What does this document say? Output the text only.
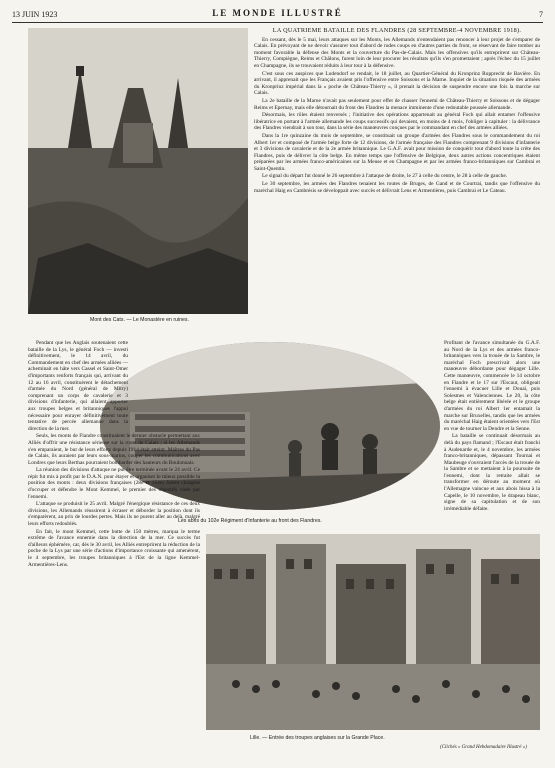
13 JUIN 1923	LE MONDE ILLUSTRÉ	7
Mont des Cats. — Le Monastère en ruines.
LA QUATRIÈME BATAILLE DES FLANDRES (28 SEPTEMBRE-4 NOVEMBRE 1918).

En cessant, dès le 5 mai, leurs attaques sur les Monts, les Allemands n'entendaient pas renoncer à leur projet de s'emparer de Calais. En prévoyant de ne devoir s'assurer tout d'abord de rudes coups en d'autres parties du front, se réservant de faire tomber au moment favorable la défense des Monts et la couverture du Pas-de-Calais. Mais les offensives qu'ils entreprirent sur Château-Thierry, Compiègne, Reims et Châlons, furent loin de leur procurer les résultats qu'ils s'en promettaient ; après l'échec du 15 juillet en Champagne, ils se trouvaient réduits à leur tour à la défensive.

C'est sous ces auspices que Ludendorf se rendait, le 18 juillet, au Quartier-Général du Kronprinz Rupprecht de Bavière. En arrivant, il apprenait que les Français avaient pris l'offensive entre Soissons et la Marne. Inquiet de la situation risquée des armées du Kronprinz impérial dans la « poche de Château-Thierry », il prenait la décision de suspendre encore une fois la marche sur Calais.

La 2e bataille de la Marne n'avait pas seulement pour effet de chasser l'ennemi de Château-Thierry et Soissons et de dégager Reims et Epernay, mais elle détournait du front des Flandres la menace imminente d'une redoutable poussée allemande.

Désormais, les rôles étaient renversés ; l'initiative des opérations appartenait au général Foch qui allait entamer l'offensive libératrice en portant à l'armée allemande les coups successifs qui devaient, en moins de 4 mois, l'obliger à capituler : la délivrance des Flandres viendrait à son tour, dans la série des manœuvres conçues par le commandant en chef des armées alliées.

Dans la 1re quinzaine du mois de septembre, se constituait un groupe d'armées des Flandres sous le commandement du roi Albert 1er et composé de l'armée belge forte de 12 divisions, de l'armée française des Flandres comprenant 9 divisions d'infanterie et 3 divisions de cavalerie et de la 2e armée britannique. Le G.A.F. avait pour mission de conquérir tout d'abord toute la crête des Flandres, puis de délivrer la côte belge. En même temps que l'offensive de Belgique, deux autres actions concentriques étaient préparées par les armées franco-américaines sur la Meuse et en Champagne et par les armées franco-britanniques sur Cambrai et Saint-Quentin.

Le signal du départ fut donné le 26 septembre à l'attaque de droite, le 27 à celle du centre, le 28 à celle de gauche.

Le 30 septembre, les armées des Flandres tenaient les routes de Bruges, de Gand et de Courtrai, tandis que l'offensive du maréchal Haig en Cambrésis se développait avec succès et délivrait Lens et Armentières, puis Cambrai et Le Cateau.

Profitant de l'avance simultanée du G.A.F. au Nord de la Lys et des armées franco-britanniques vers la trouée de la Sambre, le maréchal Foch prescrivait alors une manœuvre débordante pour dégager Lille. Cette manœuvre, commencée le 14 octobre en Flandre et le 17 sur l'Escaut, obligeait l'ennemi à évacuer Lille et Douai, puis Solesmes et Valenciennes. Le 20, la côte belge était entièrement libérée et le groupe d'armées du roi Albert 1er entamait la marche sur Bruxelles, tandis que les armées du maréchal Haig étaient orientées vers l'Est en vue de tourner la Dendre et la Senne.

La bataille se continuait désormais au delà du pays flamand ; l'Escaut était franchi à Audenarde et, le 4 novembre, les armées franco-britanniques, dépassant Tournai et Maubeuge s'ouvraient l'accès de la trouée de la Sambre et se mettaient à la poursuite de l'ennemi, dont la retraite allait se transformer en déroute au moment où l'Allemagne vaincue et aux abois hissa à la Capelle, le 10 novembre, le drapeau blanc, signe de sa capitulation et de son irrémédiable défaite.

Les abris du 102e Régiment d'Infanterie au front des Flandres.

Pendant que les Anglais soutenaient cette bataille de la Lys, le général Foch — investi définitivement, le 14 avril, du Commandement en chef des armées alliées — acheminait en hâte vers Cassel et Saint-Omer d'importants renforts français qui, arrivant du 12 au 16 avril, constituèrent le détachement d'armée du Nord (général de Mitry) comprenant un corps de cavalerie et 3 divisions d'infanterie, qui allaient apporter aux troupes belges et britanniques l'appui nécessaire pour enrayer définitivement toute tentative de percée allemande dans la direction de la mer.

Seuls, les monts de Flandre constituaient le dernier obstacle permettant aux Alliés d'offrir une résistance sérieuse sur la route de Calais ; si les Allemands s'en emparaient, le but de leurs efforts depuis 1914 était atteint. Maîtres du Pas de Calais, ils auraient par leurs sous-marins, couper les communications avec Londres que leurs Berthas pourraient bombarder des hauteurs du Boulonnais.

La réunion des divisions d'attaque ne put être terminée avant le 24 avril. Ce répit fut mis à profit par le D.A.N. pour étayer et organiser le mieux possible la position des monts : deux divisions françaises (28e et 154e) furent chargées d'occuper et défendre le Mont Kemmel, le premier des objectifs visés par l'ennemi.

L'attaque se produisit le 25 avril. Malgré l'énergique résistance de ces deux divisions, les Allemands réussirent à écraser et déborder la position dont ils s'emparèrent, au prix de lourdes pertes. Mais ils ne purent aller au delà, malgré leurs efforts redoublés.

En fait, le mont Kemmel, cette butte de 150 mètres, marqua le terme extrême de l'avance ennemie dans la direction de la mer. Ce succès fut d'ailleurs éphémère, car, dès le 30 avril, les Alliés entreprirent la réduction de la poche de la Lys par une série d'actions d'importance croissante qui amenèrent, le 4 septembre, les troupes britanniques à l'Est de la ligne Kemmel-Armentières-Lens.

Lille. — Entrée des troupes anglaises sur la Grande Place.
(Clichés « Grand Hebdomadaire Illustré »)
